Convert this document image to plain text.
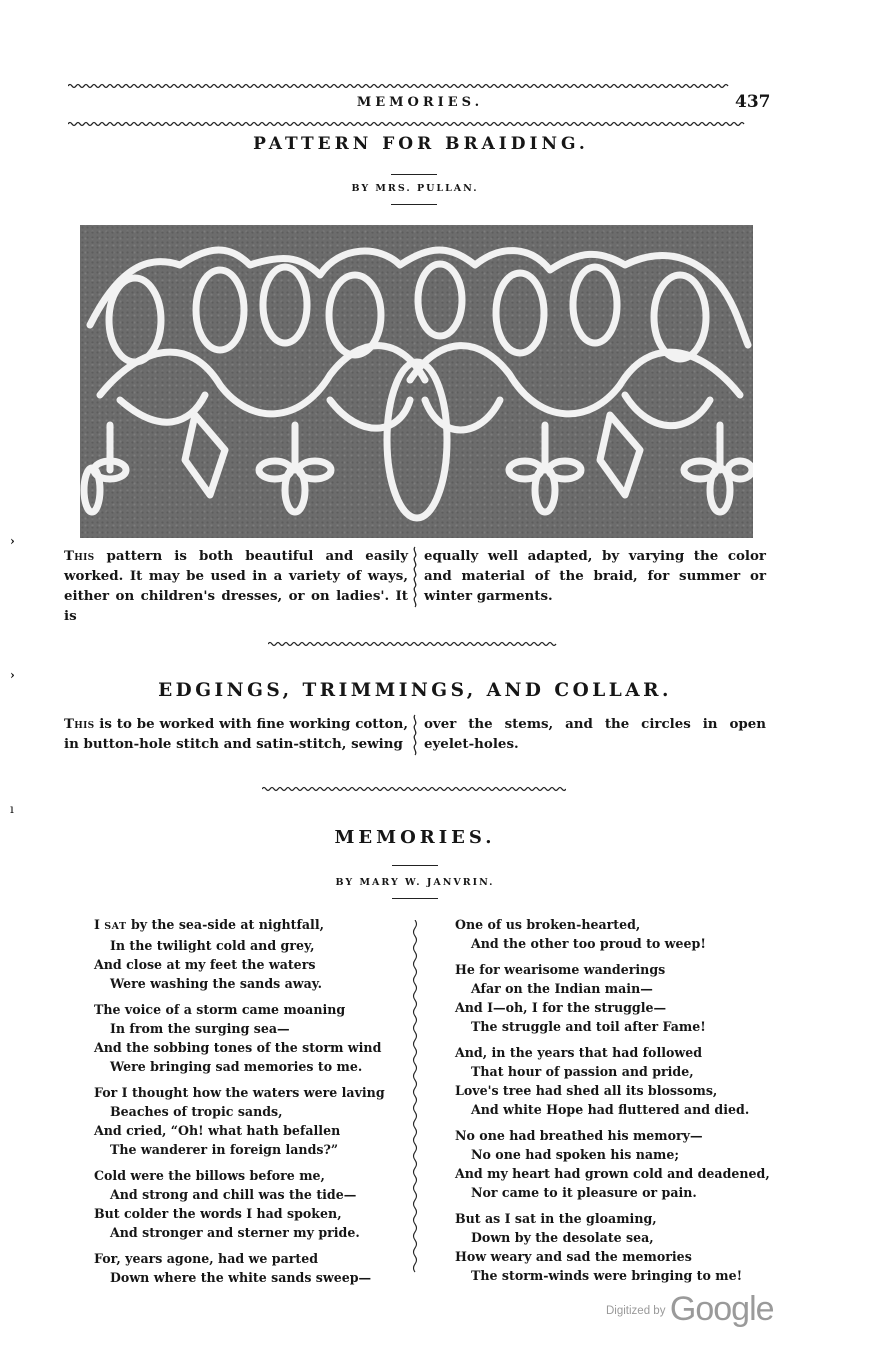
MEMORIES.	437
PATTERN FOR BRAIDING.
BY MRS. PULLAN.
›
This pattern is both beautiful and easily worked. It may be used in a variety of ways, either on children's dresses, or on ladies'. It is
equally well adapted, by varying the color and material of the braid, for summer or winter garments.
›
EDGINGS, TRIMMINGS, AND COLLAR.
This is to be worked with fine working cotton, in button-hole stitch and satin-stitch, sewing
over the stems, and the circles in open eyelet-holes.
ı
MEMORIES.
BY MARY W. JANVRIN.
I SAT by the sea-side at nightfall,
In the twilight cold and grey,
And close at my feet the waters
Were washing the sands away.
The voice of a storm came moaning
In from the surging sea—
And the sobbing tones of the storm wind
Were bringing sad memories to me.
For I thought how the waters were laving
Beaches of tropic sands,
And cried, “Oh! what hath befallen
The wanderer in foreign lands?”
Cold were the billows before me,
And strong and chill was the tide—
But colder the words I had spoken,
And stronger and sterner my pride.
For, years agone, had we parted
Down where the white sands sweep—
One of us broken-hearted,
And the other too proud to weep!
He for wearisome wanderings
Afar on the Indian main—
And I—oh, I for the struggle—
The struggle and toil after Fame!
And, in the years that had followed
That hour of passion and pride,
Love's tree had shed all its blossoms,
And white Hope had fluttered and died.
No one had breathed his memory—
No one had spoken his name;
And my heart had grown cold and deadened,
Nor came to it pleasure or pain.
But as I sat in the gloaming,
Down by the desolate sea,
How weary and sad the memories
The storm-winds were bringing to me!
$^{Digitized by}$ Google
